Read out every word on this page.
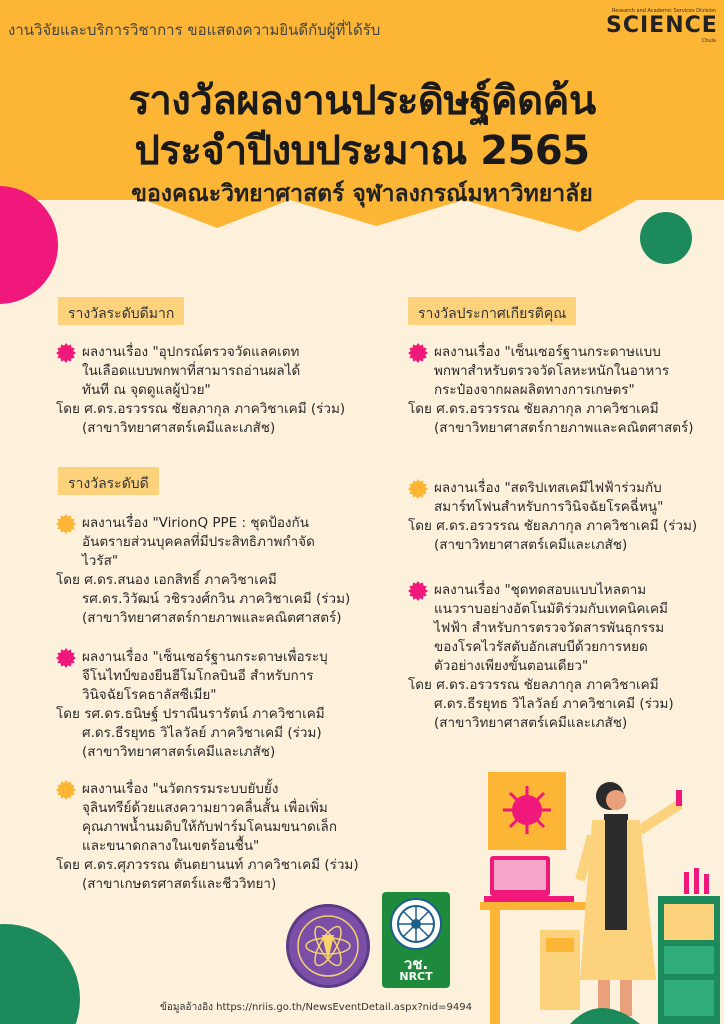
งานวิจัยและบริการวิชาการ ขอแสดงความยินดีกับผู้ที่ได้รับ
Research and Academic Services Division
SCIENCE
Chula
รางวัลผลงานประดิษฐ์คิดค้น
ประจำปีงบประมาณ 2565
ของคณะวิทยาศาสตร์ จุฬาลงกรณ์มหาวิทยาลัย
รางวัลระดับดีมาก
รางวัลระดับดี
รางวัลประกาศเกียรติคุณ
ผลงานเรื่อง "อุปกรณ์ตรวจวัดแลคเตท
ในเลือดแบบพกพาที่สามารถอ่านผลได้
ทันที ณ จุดดูแลผู้ป่วย"
โดย ศ.ดร.อรวรรณ ชัยลภากุล ภาควิชาเคมี (ร่วม)
(สาขาวิทยาศาสตร์เคมีและเภสัช)
ผลงานเรื่อง "VirionQ PPE : ชุดป้องกัน
อันตรายส่วนบุคคลที่มีประสิทธิภาพกำจัด
ไวรัส"
โดย ศ.ดร.สนอง เอกสิทธิ์ ภาควิชาเคมี
รศ.ดร.วิวัฒน์ วชิรวงศ์กวิน ภาควิชาเคมี (ร่วม)
(สาขาวิทยาศาสตร์กายภาพและคณิตศาสตร์)
ผลงานเรื่อง "เซ็นเซอร์ฐานกระดาษเพื่อระบุ
จีโนไทป์ของยีนฮีโมโกลบินอี สำหรับการ
วินิจฉัยโรคธาลัสซีเมีย"
โดย รศ.ดร.ธนิษฐ์ ปราณีนรารัตน์ ภาควิชาเคมี
ศ.ดร.ธีรยุทธ วิไลวัลย์ ภาควิชาเคมี (ร่วม)
(สาขาวิทยาศาสตร์เคมีและเภสัช)
ผลงานเรื่อง "นวัตกรรมระบบยับยั้ง
จุลินทรีย์ด้วยแสงความยาวคลื่นสั้น เพื่อเพิ่ม
คุณภาพน้ำนมดิบให้กับฟาร์มโคนมขนาดเล็ก
และขนาดกลางในเขตร้อนชื้น"
โดย ศ.ดร.ศุภวรรณ ตันตยานนท์ ภาควิชาเคมี (ร่วม)
(สาขาเกษตรศาสตร์และชีววิทยา)
ผลงานเรื่อง "เซ็นเซอร์ฐานกระดาษแบบ
พกพาสำหรับตรวจวัดโลหะหนักในอาหาร
กระป๋องจากผลผลิตทางการเกษตร"
โดย ศ.ดร.อรวรรณ ชัยลภากุล ภาควิชาเคมี
(สาขาวิทยาศาสตร์กายภาพและคณิตศาสตร์)
ผลงานเรื่อง "สตริปเทสเคมีไฟฟ้าร่วมกับ
สมาร์ทโฟนสำหรับการวินิจฉัยโรคฉี่หนู"
โดย ศ.ดร.อรวรรณ ชัยลภากุล ภาควิชาเคมี (ร่วม)
(สาขาวิทยาศาสตร์เคมีและเภสัช)
ผลงานเรื่อง "ชุดทดสอบแบบไหลตาม
แนวราบอย่างอัตโนมัติร่วมกับเทคนิคเคมี
ไฟฟ้า สำหรับการตรวจวัดสารพันธุกรรม
ของโรคไวรัสตับอักเสบบีด้วยการหยด
ตัวอย่างเพียงขั้นตอนเดียว"
โดย ศ.ดร.อรวรรณ ชัยลภากุล ภาควิชาเคมี
ศ.ดร.ธีรยุทธ วิไลวัลย์ ภาควิชาเคมี (ร่วม)
(สาขาวิทยาศาสตร์เคมีและเภสัช)
วช.
NRCT
ข้อมูลอ้างอิง https://nriis.go.th/NewsEventDetail.aspx?nid=9494
